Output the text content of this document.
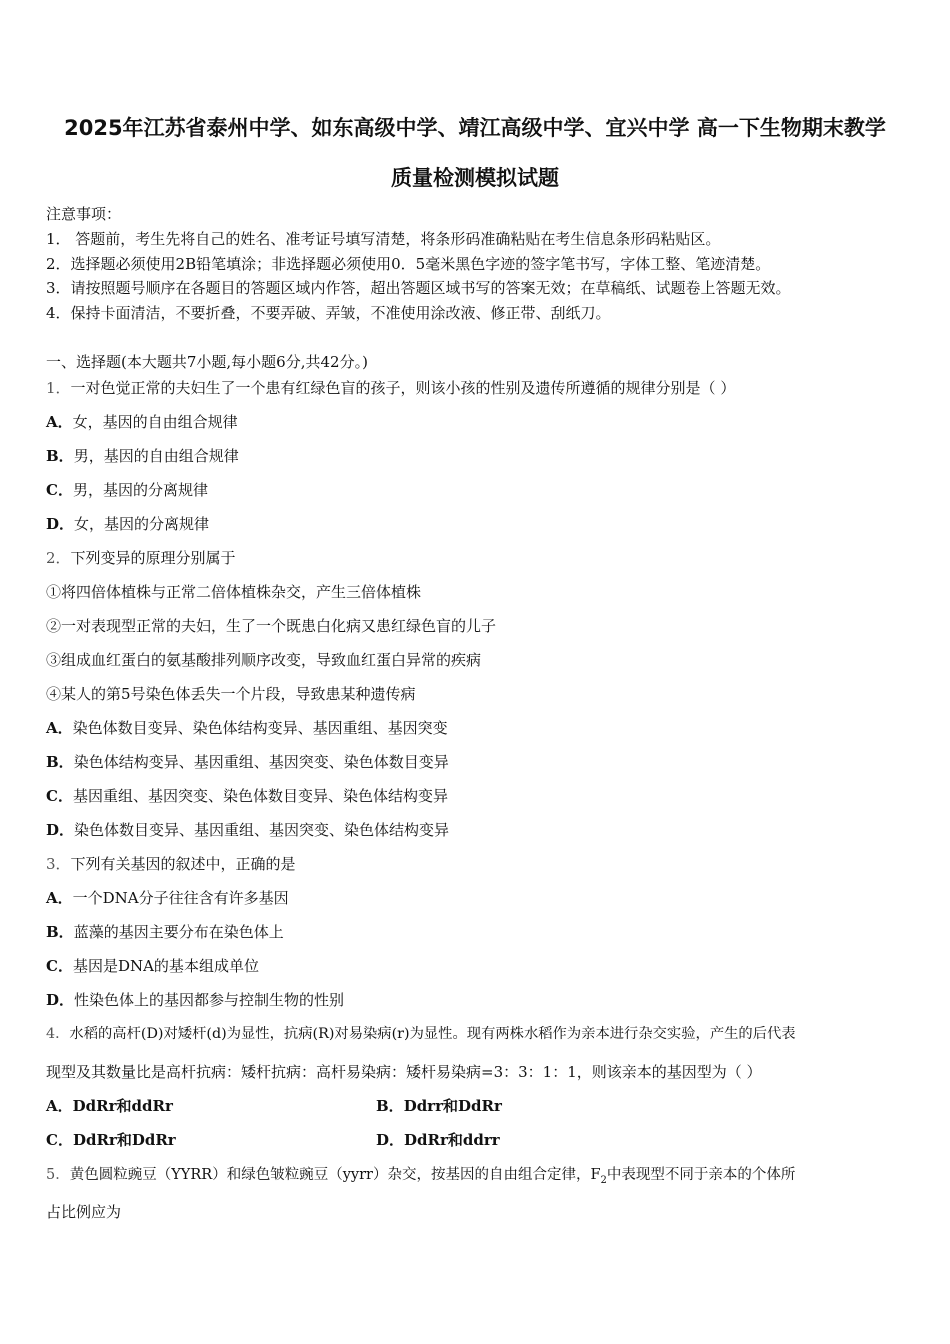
2025年江苏省泰州中学、如东高级中学、靖江高级中学、宜兴中学 高一下生物期末教学
质量检测模拟试题
注意事项：
1． 答题前，考生先将自己的姓名、准考证号填写清楚，将条形码准确粘贴在考生信息条形码粘贴区。
2．选择题必须使用2B铅笔填涂；非选择题必须使用0．5毫米黑色字迹的签字笔书写，字体工整、笔迹清楚。
3．请按照题号顺序在各题目的答题区域内作答，超出答题区域书写的答案无效；在草稿纸、试题卷上答题无效。
4．保持卡面清洁，不要折叠，不要弄破、弄皱，不准使用涂改液、修正带、刮纸刀。
一、选择题(本大题共7小题,每小题6分,共42分。)
1．一对色觉正常的夫妇生了一个患有红绿色盲的孩子，则该小孩的性别及遗传所遵循的规律分别是（ ）
A．女，基因的自由组合规律
B．男，基因的自由组合规律
C．男，基因的分离规律
D．女，基因的分离规律
2．下列变异的原理分别属于
①将四倍体植株与正常二倍体植株杂交，产生三倍体植株
②一对表现型正常的夫妇，生了一个既患白化病又患红绿色盲的儿子
③组成血红蛋白的氨基酸排列顺序改变，导致血红蛋白异常的疾病
④某人的第5号染色体丢失一个片段，导致患某种遗传病
A．染色体数目变异、染色体结构变异、基因重组、基因突变
B．染色体结构变异、基因重组、基因突变、染色体数目变异
C．基因重组、基因突变、染色体数目变异、染色体结构变异
D．染色体数目变异、基因重组、基因突变、染色体结构变异
3．下列有关基因的叙述中，正确的是
A．一个DNA分子往往含有许多基因
B．蓝藻的基因主要分布在染色体上
C．基因是DNA的基本组成单位
D．性染色体上的基因都参与控制生物的性别
4．水稻的高杆(D)对矮杆(d)为显性，抗病(R)对易染病(r)为显性。现有两株水稻作为亲本进行杂交实验，产生的后代表
现型及其数量比是高杆抗病：矮杆抗病：高杆易染病：矮杆易染病=3：3：1：1，则该亲本的基因型为（ ）
A．DdRr和ddRr	B．Ddrr和DdRr
C．DdRr和DdRr	D．DdRr和ddrr
5．黄色圆粒豌豆（YYRR）和绿色皱粒豌豆（yyrr）杂交，按基因的自由组合定律，$F_2$中表现型不同于亲本的个体所
占比例应为
